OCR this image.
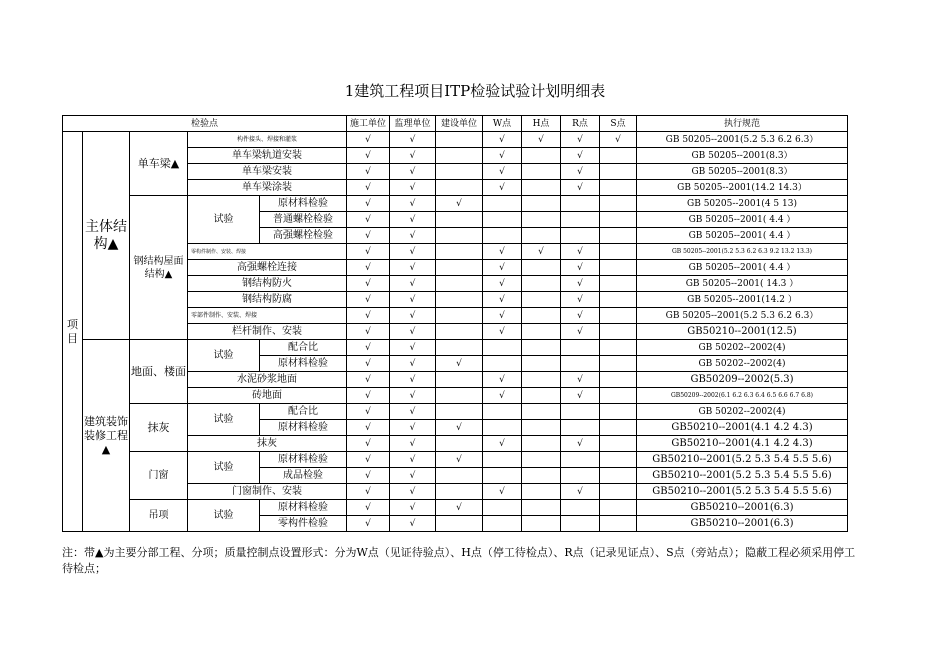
1建筑工程项目ITP检验试验计划明细表
检验点					施工单位	监理单位	建设单位	W点	H点	R点	S点	执行规范
项目	主体结构▲	单车梁▲	构件接头、焊接和灌浆		√	√		√	√	√	√	GB 50205--2001(5.2 5.3 6.2 6.3）
			单车梁轨道安装		√	√		√		√		GB 50205--2001(8.3）
			单车梁安装		√	√		√		√		GB 50205--2001(8.3）
			单车梁涂装		√	√		√		√		GB 50205--2001(14.2 14.3）
		钢结构屋面结构▲	试验	原材料检验	√	√	√					GB 50205--2001(4 5 13)
				普通螺栓检验	√	√						GB 50205--2001( 4.4 ）
				高强螺栓检验	√	√						GB 50205--2001( 4.4 ）
			零构件制作、安装、焊接		√	√		√	√	√		GB 50205--2001(5.2 5.3 6.2 6.3 9.2 13.2 13.3)
			高强螺栓连接		√	√		√		√		GB 50205--2001( 4.4 ）
			钢结构防火		√	√		√		√		GB 50205--2001( 14.3 ）
			钢结构防腐		√	√		√		√		GB 50205--2001(14.2 ）
			零部件制作、安装、焊接		√	√		√		√		GB 50205--2001(5.2 5.3 6.2 6.3）
			栏杆制作、安装		√	√		√		√		GB50210--2001(12.5)
	建筑装饰装修工程▲	地面、楼面	试验	配合比	√	√						GB 50202--2002(4)
				原材料检验	√	√	√					GB 50202--2002(4)
			水泥砂浆地面		√	√		√		√		GB50209--2002(5.3)
			砖地面		√	√		√		√		GB50209--2002(6.1 6.2 6.3 6.4 6.5 6.6 6.7 6.8)
		抹灰	试验	配合比	√	√						GB 50202--2002(4)
				原材料检验	√	√	√					GB50210--2001(4.1 4.2 4.3)
			抹灰		√	√		√		√		GB50210--2001(4.1 4.2 4.3)
		门窗	试验	原材料检验	√	√	√					GB50210--2001(5.2 5.3 5.4 5.5 5.6)
				成品检验	√	√						GB50210--2001(5.2 5.3 5.4 5.5 5.6)
			门窗制作、安装		√	√		√		√		GB50210--2001(5.2 5.3 5.4 5.5 5.6)
		吊项	试验	原材料检验	√	√	√					GB50210--2001(6.3)
				零构件检验	√	√						GB50210--2001(6.3)
注：带▲为主要分部工程、分项；质量控制点设置形式：分为W点（见证待验点）、H点（停工待检点）、R点（记录见证点）、S点（旁站点）；隐蔽工程必须采用停工待检点；
